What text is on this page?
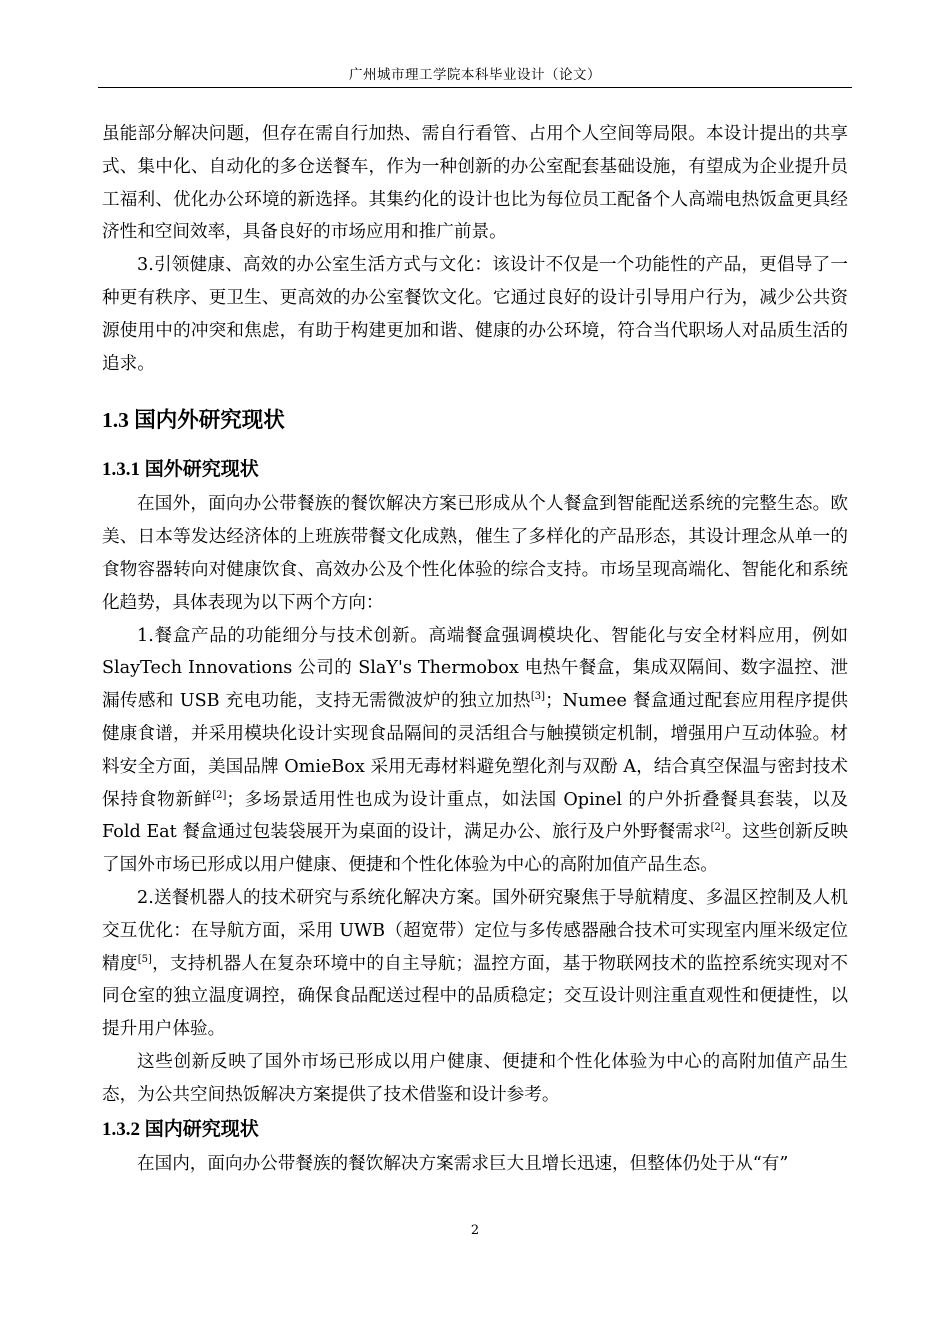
广州城市理工学院本科毕业设计（论文）

虽能部分解决问题，但存在需自行加热、需自行看管、占用个人空间等局限。本设计提出的共享式、集中化、自动化的多仓送餐车，作为一种创新的办公室配套基础设施，有望成为企业提升员工福利、优化办公环境的新选择。其集约化的设计也比为每位员工配备个人高端电热饭盒更具经济性和空间效率，具备良好的市场应用和推广前景。

3.引领健康、高效的办公室生活方式与文化：该设计不仅是一个功能性的产品，更倡导了一种更有秩序、更卫生、更高效的办公室餐饮文化。它通过良好的设计引导用户行为，减少公共资源使用中的冲突和焦虑，有助于构建更加和谐、健康的办公环境，符合当代职场人对品质生活的追求。

1.3 国内外研究现状
1.3.1 国外研究现状

在国外，面向办公带餐族的餐饮解决方案已形成从个人餐盒到智能配送系统的完整生态。欧美、日本等发达经济体的上班族带餐文化成熟，催生了多样化的产品形态，其设计理念从单一的食物容器转向对健康饮食、高效办公及个性化体验的综合支持。市场呈现高端化、智能化和系统化趋势，具体表现为以下两个方向：

1.餐盒产品的功能细分与技术创新。高端餐盒强调模块化、智能化与安全材料应用，例如 SlayTech Innovations 公司的 SlaY's Thermobox 电热午餐盒，集成双隔间、数字温控、泄漏传感和 USB 充电功能，支持无需微波炉的独立加热[3]；Numee 餐盒通过配套应用程序提供健康食谱，并采用模块化设计实现食品隔间的灵活组合与触摸锁定机制，增强用户互动体验。材料安全方面，美国品牌 OmieBox 采用无毒材料避免塑化剂与双酚 A，结合真空保温与密封技术保持食物新鲜[2]；多场景适用性也成为设计重点，如法国 Opinel 的户外折叠餐具套装，以及 Fold Eat 餐盒通过包装袋展开为桌面的设计，满足办公、旅行及户外野餐需求[2]。这些创新反映了国外市场已形成以用户健康、便捷和个性化体验为中心的高附加值产品生态。

2.送餐机器人的技术研究与系统化解决方案。国外研究聚焦于导航精度、多温区控制及人机交互优化：在导航方面，采用 UWB（超宽带）定位与多传感器融合技术可实现室内厘米级定位精度[5]，支持机器人在复杂环境中的自主导航；温控方面，基于物联网技术的监控系统实现对不同仓室的独立温度调控，确保食品配送过程中的品质稳定；交互设计则注重直观性和便捷性，以提升用户体验。

这些创新反映了国外市场已形成以用户健康、便捷和个性化体验为中心的高附加值产品生态，为公共空间热饭解决方案提供了技术借鉴和设计参考。

1.3.2 国内研究现状

在国内，面向办公带餐族的餐饮解决方案需求巨大且增长迅速，但整体仍处于从“有”

2
